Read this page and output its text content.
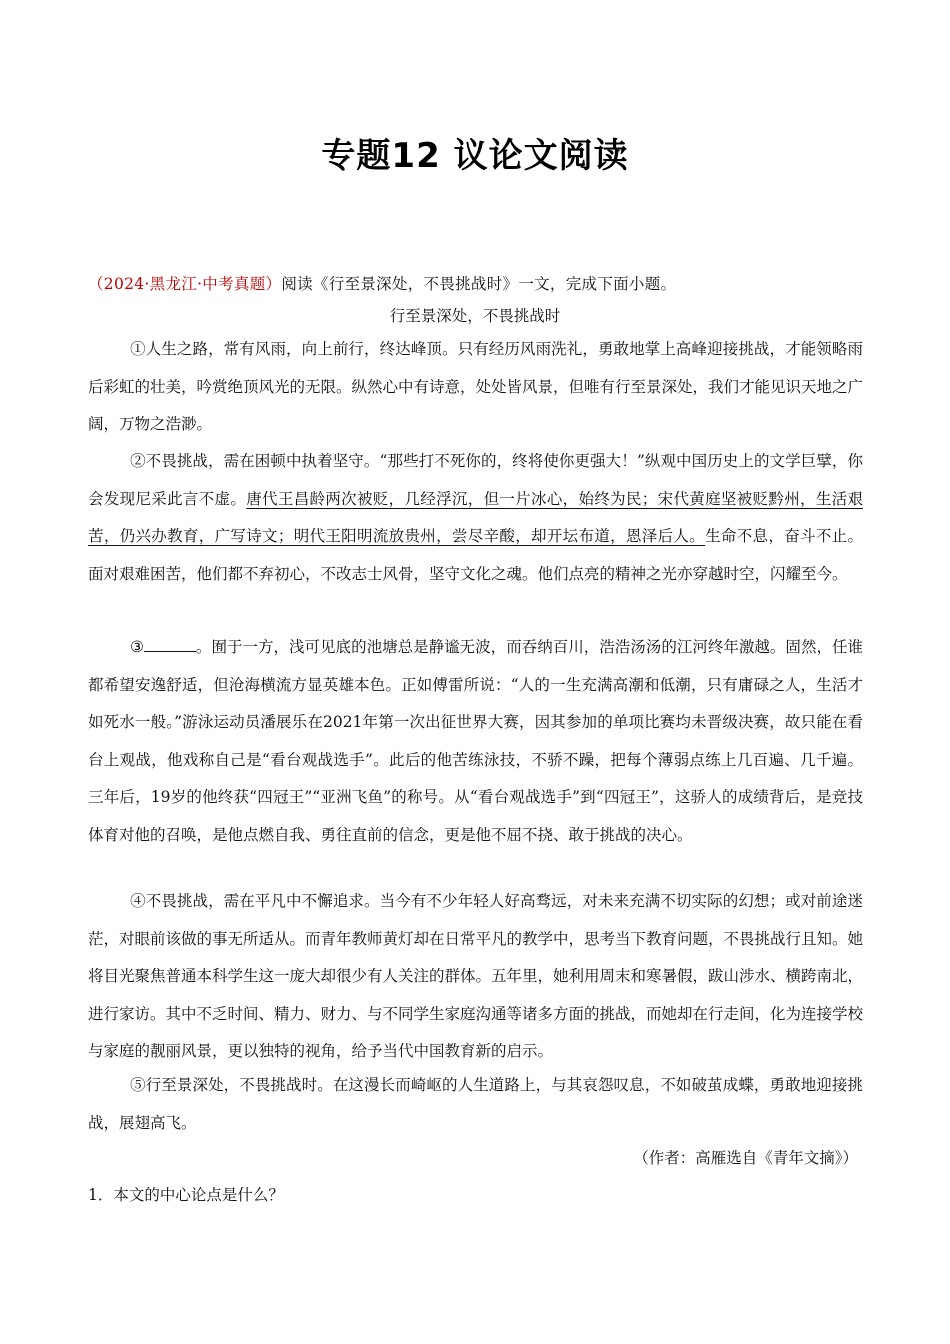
专题12 议论文阅读
（2024·黑龙江·中考真题）阅读《行至景深处，不畏挑战时》一文，完成下面小题。
行至景深处，不畏挑战时
①人生之路，常有风雨，向上前行，终达峰顶。只有经历风雨洗礼，勇敢地掌上高峰迎接挑战，才能领略雨后彩虹的壮美，吟赏绝顶风光的无限。纵然心中有诗意，处处皆风景，但唯有行至景深处，我们才能见识天地之广阔，万物之浩渺。
②不畏挑战，需在困顿中执着坚守。“那些打不死你的，终将使你更强大！”纵观中国历史上的文学巨擘，你会发现尼采此言不虚。唐代王昌龄两次被贬，几经浮沉，但一片冰心，始终为民；宋代黄庭坚被贬黔州，生活艰苦，仍兴办教育，广写诗文；明代王阳明流放贵州，尝尽辛酸，却开坛布道，恩泽后人。生命不息，奋斗不止。面对艰难困苦，他们都不弃初心，不改志士风骨，坚守文化之魂。他们点亮的精神之光亦穿越时空，闪耀至今。
③	。囿于一方，浅可见底的池塘总是静谧无波，而吞纳百川，浩浩汤汤的江河终年激越。固然，任谁都希望安逸舒适，但沧海横流方显英雄本色。正如傅雷所说：“人的一生充满高潮和低潮，只有庸碌之人，生活才如死水一般。”游泳运动员潘展乐在2021年第一次出征世界大赛，因其参加的单项比赛均未晋级决赛，故只能在看台上观战，他戏称自己是“看台观战选手”。此后的他苦练泳技，不骄不躁，把每个薄弱点练上几百遍、几千遍。三年后，19岁的他终获“四冠王”“亚洲飞鱼”的称号。从“看台观战选手”到“四冠王”，这骄人的成绩背后，是竞技体育对他的召唤，是他点燃自我、勇往直前的信念，更是他不屈不挠、敢于挑战的决心。
④不畏挑战，需在平凡中不懈追求。当今有不少年轻人好高骛远，对未来充满不切实际的幻想；或对前途迷茫，对眼前该做的事无所适从。而青年教师黄灯却在日常平凡的教学中，思考当下教育问题，不畏挑战行且知。她将目光聚焦普通本科学生这一庞大却很少有人关注的群体。五年里，她利用周末和寒暑假，跋山涉水、横跨南北，进行家访。其中不乏时间、精力、财力、与不同学生家庭沟通等诸多方面的挑战，而她却在行走间，化为连接学校与家庭的靓丽风景，更以独特的视角，给予当代中国教育新的启示。
⑤行至景深处，不畏挑战时。在这漫长而崎岖的人生道路上，与其哀怨叹息，不如破茧成蝶，勇敢地迎接挑战，展翅高飞。
（作者：高雁选自《青年文摘》）
1．本文的中心论点是什么？
